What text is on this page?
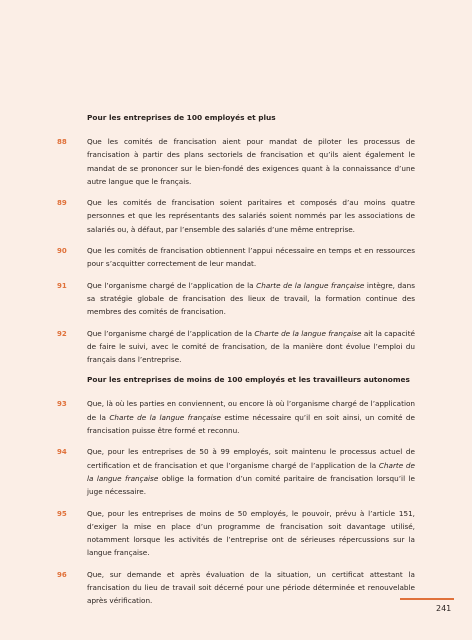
Pour les entreprises de 100 employés et plus
88	Que les comités de francisation aient pour mandat de piloter les processus de francisation à partir des plans sectoriels de francisation et qu’ils aient également le mandat de se prononcer sur le bien-fondé des exigences quant à la connaissance d’une autre langue que le français.
89	Que les comités de francisation soient paritaires et composés d’au moins quatre personnes et que les représentants des salariés soient nommés par les associations de salariés ou, à défaut, par l’ensemble des salariés d’une même entreprise.
90	Que les comités de francisation obtiennent l’appui nécessaire en temps et en ressources pour s’acquitter correctement de leur mandat.
91	Que l’organisme chargé de l’application de la Charte de la langue française intègre, dans sa stratégie globale de francisation des lieux de travail, la formation continue des membres des comités de francisation.
92	Que l’organisme chargé de l’application de la Charte de la langue française ait la capacité de faire le suivi, avec le comité de francisation, de la manière dont évolue l’emploi du français dans l’entreprise.
Pour les entreprises de moins de 100 employés et les travailleurs autonomes
93	Que, là où les parties en conviennent, ou encore là où l’organisme chargé de l’application de la Charte de la langue française estime nécessaire qu’il en soit ainsi, un comité de francisation puisse être formé et reconnu.
94	Que, pour les entreprises de 50 à 99 employés, soit maintenu le processus actuel de certification et de francisation et que l’organisme chargé de l’application de la Charte de la langue française oblige la formation d’un comité paritaire de francisation lorsqu’il le juge nécessaire.
95	Que, pour les entreprises de moins de 50 employés, le pouvoir, prévu à l’article 151, d’exiger la mise en place d’un programme de francisation soit davantage utilisé, notamment lorsque les activités de l’entreprise ont de sérieuses répercussions sur la langue française.
96	Que, sur demande et après évaluation de la situation, un certificat attestant la francisation du lieu de travail soit décerné pour une période déterminée et renouvelable après vérification.
241
